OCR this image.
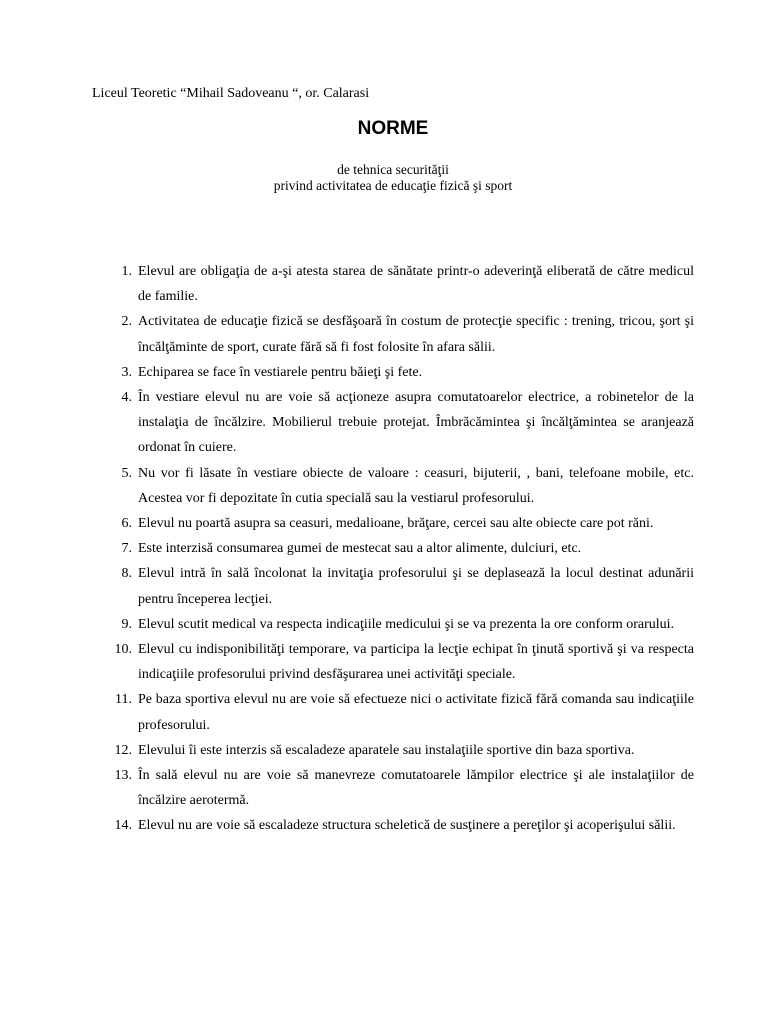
Liceul Teoretic “Mihail Sadoveanu “, or. Calarasi
NORME
de tehnica securităţii
privind activitatea de educaţie fizică şi sport
1. Elevul are obligaţia de a-şi atesta starea de sănătate printr-o adeverinţă eliberată de către medicul de familie.
2. Activitatea de educaţie fizică se desfăşoară în costum de protecţie specific : trening, tricou, şort şi încălţăminte de sport, curate fără să fi fost folosite în afara sălii.
3. Echiparea se face în vestiarele pentru băieţi şi fete.
4. În vestiare elevul nu are voie să acţioneze asupra comutatoarelor electrice, a robinetelor de la instalaţia de încălzire. Mobilierul trebuie protejat. Îmbrăcămintea şi încălţămintea se aranjează ordonat în cuiere.
5. Nu vor fi lăsate în vestiare obiecte de valoare : ceasuri, bijuterii, , bani, telefoane mobile, etc. Acestea vor fi depozitate în cutia specială sau la vestiarul profesorului.
6. Elevul nu poartă asupra sa ceasuri, medalioane, brăţare, cercei sau alte obiecte care pot răni.
7. Este interzisă consumarea gumei de mestecat sau a altor alimente, dulciuri, etc.
8. Elevul intră în sală încolonat la invitaţia profesorului şi se deplasează la locul destinat adunării pentru începerea lecţiei.
9. Elevul scutit medical va respecta indicaţiile medicului şi se va prezenta la ore conform orarului.
10. Elevul cu indisponibilităţi temporare, va participa la lecţie echipat în ţinută sportivă şi va respecta indicaţiile profesorului privind desfăşurarea unei activităţi speciale.
11. Pe baza sportiva elevul nu are voie să efectueze nici o activitate fizică fără comanda sau indicaţiile profesorului.
12. Elevului îi este interzis să escaladeze aparatele sau instalaţiile sportive din baza sportiva.
13. În sală elevul nu are voie să manevreze comutatoarele lămpilor electrice şi ale instalaţiilor de încălzire aerotermă.
14. Elevul nu are voie să escaladeze structura scheletică de susţinere a pereţilor şi acoperişului sălii.
